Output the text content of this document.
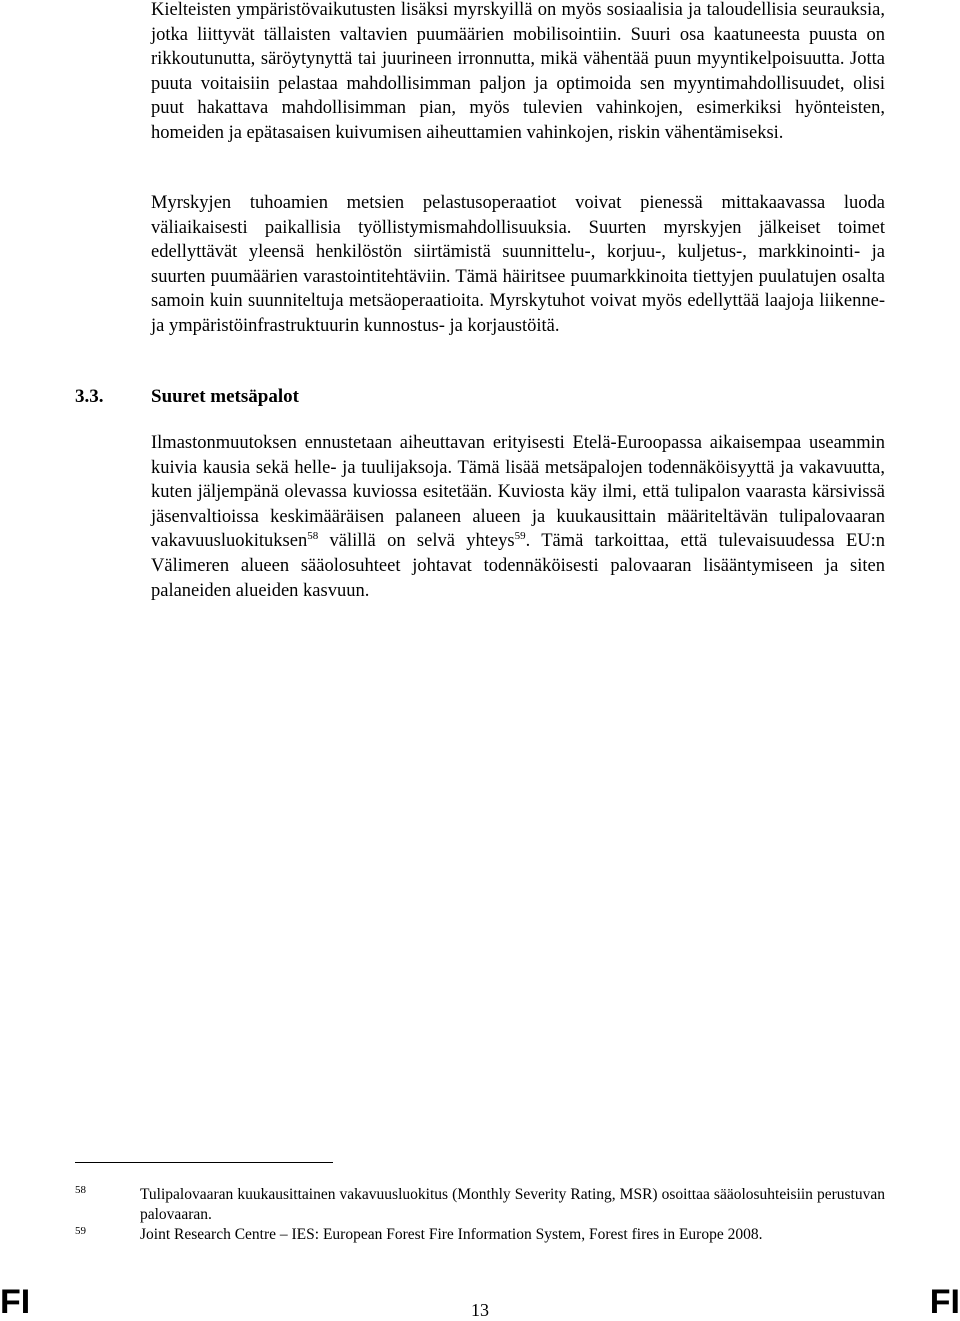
Kielteisten ympäristövaikutusten lisäksi myrskyillä on myös sosiaalisia ja taloudellisia seurauksia, jotka liittyvät tällaisten valtavien puumäärien mobilisointiin. Suuri osa kaatuneesta puusta on rikkoutunutta, säröytynyttä tai juurineen irronnutta, mikä vähentää puun myyntikelpoisuutta. Jotta puuta voitaisiin pelastaa mahdollisimman paljon ja optimoida sen myyntimahdollisuudet, olisi puut hakattava mahdollisimman pian, myös tulevien vahinkojen, esimerkiksi hyönteisten, homeiden ja epätasaisen kuivumisen aiheuttamien vahinkojen, riskin vähentämiseksi.

Myrskyjen tuhoamien metsien pelastusoperaatiot voivat pienessä mittakaavassa luoda väliaikaisesti paikallisia työllistymismahdollisuuksia. Suurten myrskyjen jälkeiset toimet edellyttävät yleensä henkilöstön siirtämistä suunnittelu-, korjuu-, kuljetus-, markkinointi- ja suurten puumäärien varastointitehtäviin. Tämä häiritsee puumarkkinoita tiettyjen puulatujen osalta samoin kuin suunniteltuja metsäoperaatioita. Myrskytuhot voivat myös edellyttää laajoja liikenne- ja ympäristöinfrastruktuurin kunnostus- ja korjaustöitä.

3.3.	Suuret metsäpalot

Ilmastonmuutoksen ennustetaan aiheuttavan erityisesti Etelä-Euroopassa aikaisempaa useammin kuivia kausia sekä helle- ja tuulijaksoja. Tämä lisää metsäpalojen todennäköisyyttä ja vakavuutta, kuten jäljempänä olevassa kuviossa esitetään. Kuviosta käy ilmi, että tulipalon vaarasta kärsivissä jäsenvaltioissa keskimääräisen palaneen alueen ja kuukausittain määriteltävän tulipalovaaran vakavuusluokituksen$^{58}$ välillä on selvä yhteys$^{59}$. Tämä tarkoittaa, että tulevaisuudessa EU:n Välimeren alueen sääolosuhteet johtavat todennäköisesti palovaaran lisääntymiseen ja siten palaneiden alueiden kasvuun.

58	Tulipalovaaran kuukausittainen vakavuusluokitus (Monthly Severity Rating, MSR) osoittaa sääolosuhteisiin perustuvan palovaaran.

59	Joint Research Centre – IES: European Forest Fire Information System, Forest fires in Europe 2008.

FI	13	FI
